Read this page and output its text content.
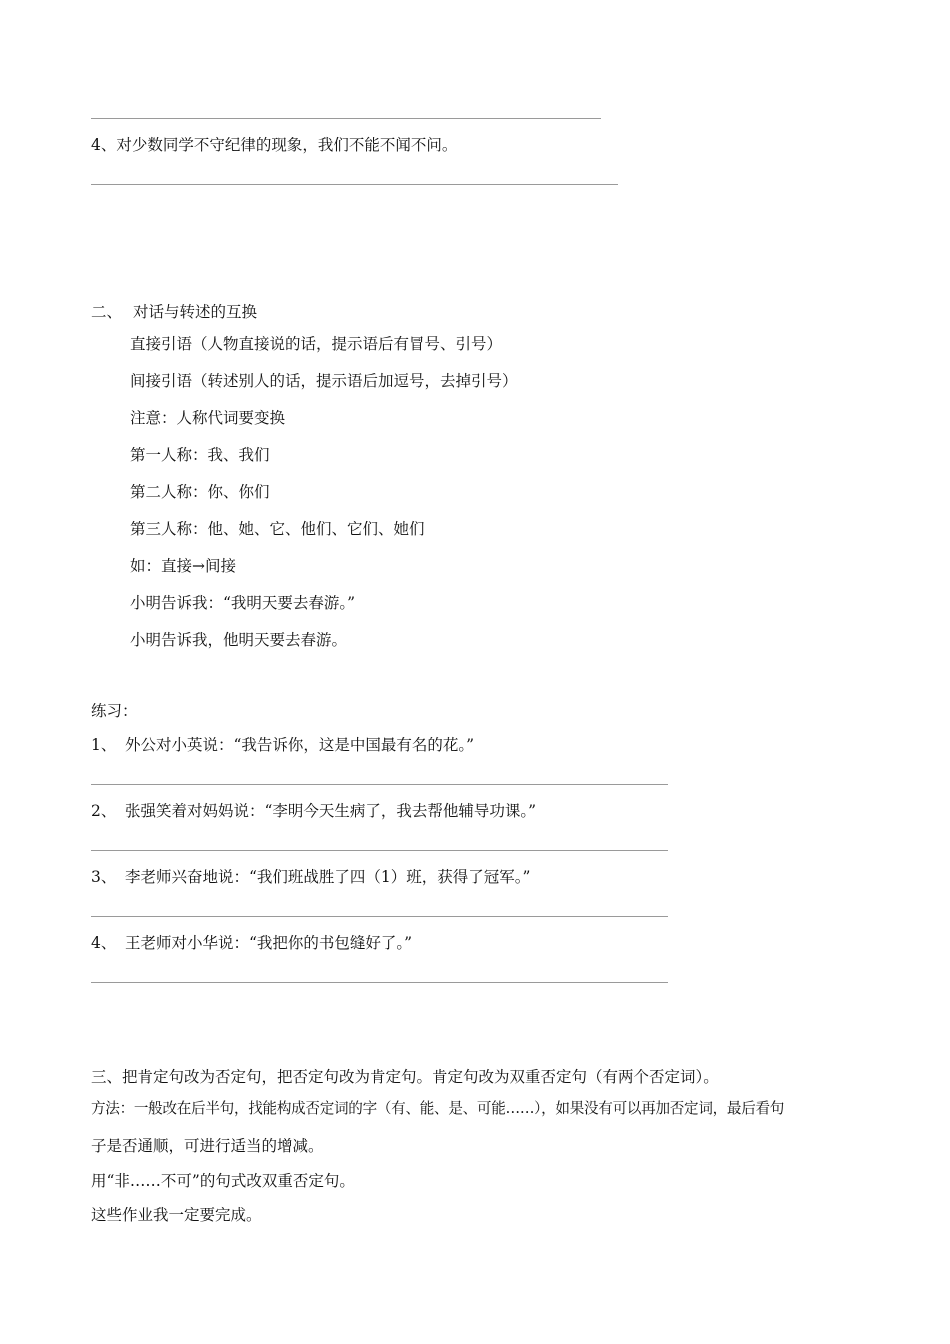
4、对少数同学不守纪律的现象，我们不能不闻不问。
二、 对话与转述的互换
直接引语（人物直接说的话，提示语后有冒号、引号）
间接引语（转述别人的话，提示语后加逗号，去掉引号）
注意：人称代词要变换
第一人称：我、我们
第二人称：你、你们
第三人称：他、她、它、他们、它们、她们
如：直接→间接
小明告诉我：“我明天要去春游。”
小明告诉我，他明天要去春游。
练习：
1、 外公对小英说：“我告诉你，这是中国最有名的花。”
2、 张强笑着对妈妈说：“李明今天生病了，我去帮他辅导功课。”
3、 李老师兴奋地说：“我们班战胜了四（1）班，获得了冠军。”
4、 王老师对小华说：“我把你的书包缝好了。”
三、把肯定句改为否定句，把否定句改为肯定句。肯定句改为双重否定句（有两个否定词）。
方法：一般改在后半句，找能构成否定词的字（有、能、是、可能……），如果没有可以再加否定词，最后看句
子是否通顺，可进行适当的增减。
用“非……不可”的句式改双重否定句。
这些作业我一定要完成。
